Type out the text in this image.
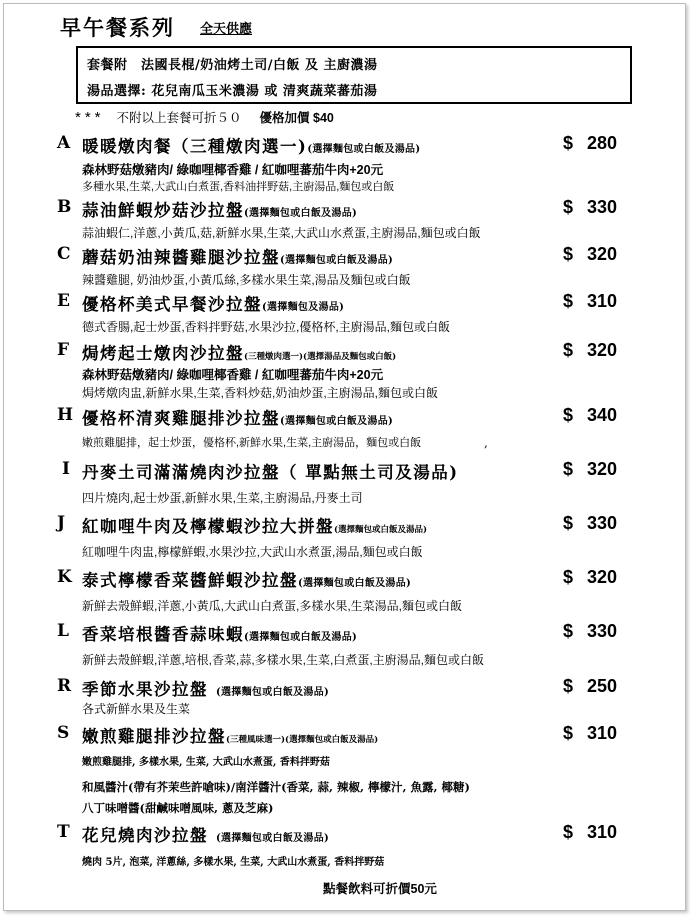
早午餐系列 全天供應
套餐附　法國長棍/奶油烤土司/白飯 及 主廚濃湯
湯品選擇: 花兒南瓜玉米濃湯 或 清爽蔬菜蕃茄湯
*** 不附以上套餐可折５０ 優格加價 $40
A 暖暖燉肉餐（三種燉肉選一)(選擇麵包或白飯及湯品)	$ 280
森林野菇燉豬肉/ 綠咖哩椰香雞 / 紅咖哩蕃茄牛肉+20元
多種水果,生菜,大武山白煮蛋,香料油拌野菇,主廚湯品,麵包或白飯
B 蒜油鮮蝦炒菇沙拉盤(選擇麵包或白飯及湯品)	$ 330
蒜油蝦仁,洋蔥,小黃瓜,菇,新鮮水果,生菜,大武山水煮蛋,主廚湯品,麵包或白飯
C 蘑菇奶油辣醬雞腿沙拉盤(選擇麵包或白飯及湯品)	$ 320
辣醬雞腿, 奶油炒蛋,小黃瓜絲,多樣水果生菜,湯品及麵包或白飯
E 優格杯美式早餐沙拉盤(選擇麵包及湯品)	$ 310
德式香腸,起士炒蛋,香料拌野菇,水果沙拉,優格杯,主廚湯品,麵包或白飯
F 焗烤起士燉肉沙拉盤(三種燉肉選一)(選擇湯品及麵包或白飯)	$ 320
森林野菇燉豬肉/ 綠咖哩椰香雞 / 紅咖哩蕃茄牛肉+20元
焗烤燉肉盅,新鮮水果,生菜,香料炒菇,奶油炒蛋,主廚湯品,麵包或白飯
H 優格杯清爽雞腿排沙拉盤(選擇麵包或白飯及湯品)	$ 340
嫩煎雞腿排，起士炒蛋，優格杯,新鮮水果,生菜,主廚湯品，麵包或白飯	,
I 丹麥土司滿滿燒肉沙拉盤（ 單點無土司及湯品)	$ 320
四片燒肉,起士炒蛋,新鮮水果,生菜,主廚湯品,丹麥土司
J 紅咖哩牛肉及檸檬蝦沙拉大拼盤(選擇麵包或白飯及湯品)	$ 330
紅咖哩牛肉盅,檸檬鮮蝦,水果沙拉,大武山水煮蛋,湯品,麵包或白飯
K 泰式檸檬香菜醬鮮蝦沙拉盤(選擇麵包或白飯及湯品)	$ 320
新鮮去殼鮮蝦,洋蔥,小黃瓜,大武山白煮蛋,多樣水果,生菜湯品,麵包或白飯
L 香菜培根醬香蒜味蝦(選擇麵包或白飯及湯品)	$ 330
新鮮去殼鮮蝦,洋蔥,培根,香菜,蒜,多樣水果,生菜,白煮蛋,主廚湯品,麵包或白飯
R 季節水果沙拉盤 (選擇麵包或白飯及湯品)	$ 250
各式新鮮水果及生菜
S 嫩煎雞腿排沙拉盤(三種風味選一)(選擇麵包或白飯及湯品)	$ 310
嫩煎雞腿排, 多樣水果, 生菜, 大武山水煮蛋, 香料拌野菇
和風醬汁(帶有芥茉些許嗆味)/南洋醬汁(香菜, 蒜, 辣椒, 檸檬汁, 魚露, 椰糖)
八丁味噌醬(甜鹹味噌風味, 蔥及芝麻)
T 花兒燒肉沙拉盤 (選擇麵包或白飯及湯品)	$ 310
燒肉 5片, 泡菜, 洋蔥絲, 多樣水果, 生菜, 大武山水煮蛋, 香料拌野菇
點餐飲料可折價50元
